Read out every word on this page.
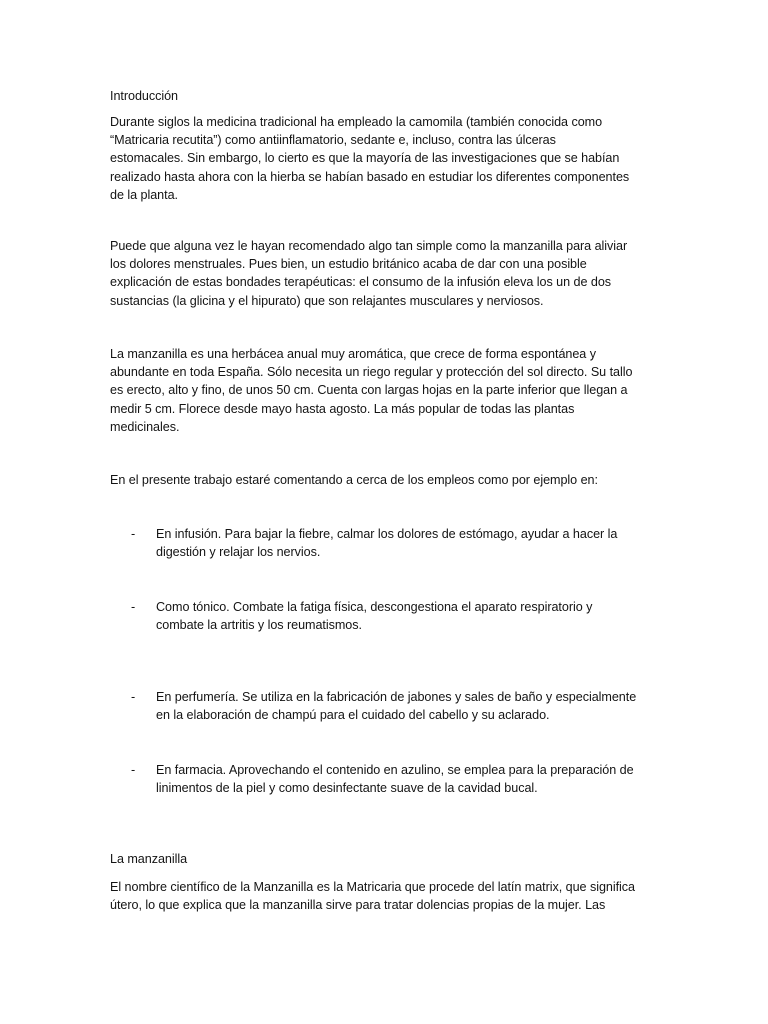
Introducción
Durante siglos la medicina tradicional ha empleado la camomila (también conocida como
“Matricaria recutita”) como antiinflamatorio, sedante e, incluso, contra las úlceras
estomacales. Sin embargo, lo cierto es que la mayoría de las investigaciones que se habían
realizado hasta ahora con la hierba se habían basado en estudiar los diferentes componentes
de la planta.
Puede que alguna vez le hayan recomendado algo tan simple como la manzanilla para aliviar
los dolores menstruales. Pues bien, un estudio británico acaba de dar con una posible
explicación de estas bondades terapéuticas: el consumo de la infusión eleva los un de dos
sustancias (la glicina y el hipurato) que son relajantes musculares y nerviosos.
La manzanilla es una herbácea anual muy aromática, que crece de forma espontánea y
abundante en toda España. Sólo necesita un riego regular y protección del sol directo. Su tallo
es erecto, alto y fino, de unos 50 cm. Cuenta con largas hojas en la parte inferior que llegan a
medir 5 cm. Florece desde mayo hasta agosto. La más popular de todas las plantas
medicinales.
En el presente trabajo estaré comentando a cerca de los empleos como por ejemplo en:
- En infusión. Para bajar la fiebre, calmar los dolores de estómago, ayudar a hacer la
digestión y relajar los nervios.
- Como tónico. Combate la fatiga física, descongestiona el aparato respiratorio y
combate la artritis y los reumatismos.
- En perfumería. Se utiliza en la fabricación de jabones y sales de baño y especialmente
en la elaboración de champú para el cuidado del cabello y su aclarado.
- En farmacia. Aprovechando el contenido en azulino, se emplea para la preparación de
linimentos de la piel y como desinfectante suave de la cavidad bucal.
La manzanilla
El nombre científico de la Manzanilla es la Matricaria que procede del latín matrix, que significa
útero, lo que explica que la manzanilla sirve para tratar dolencias propias de la mujer. Las
